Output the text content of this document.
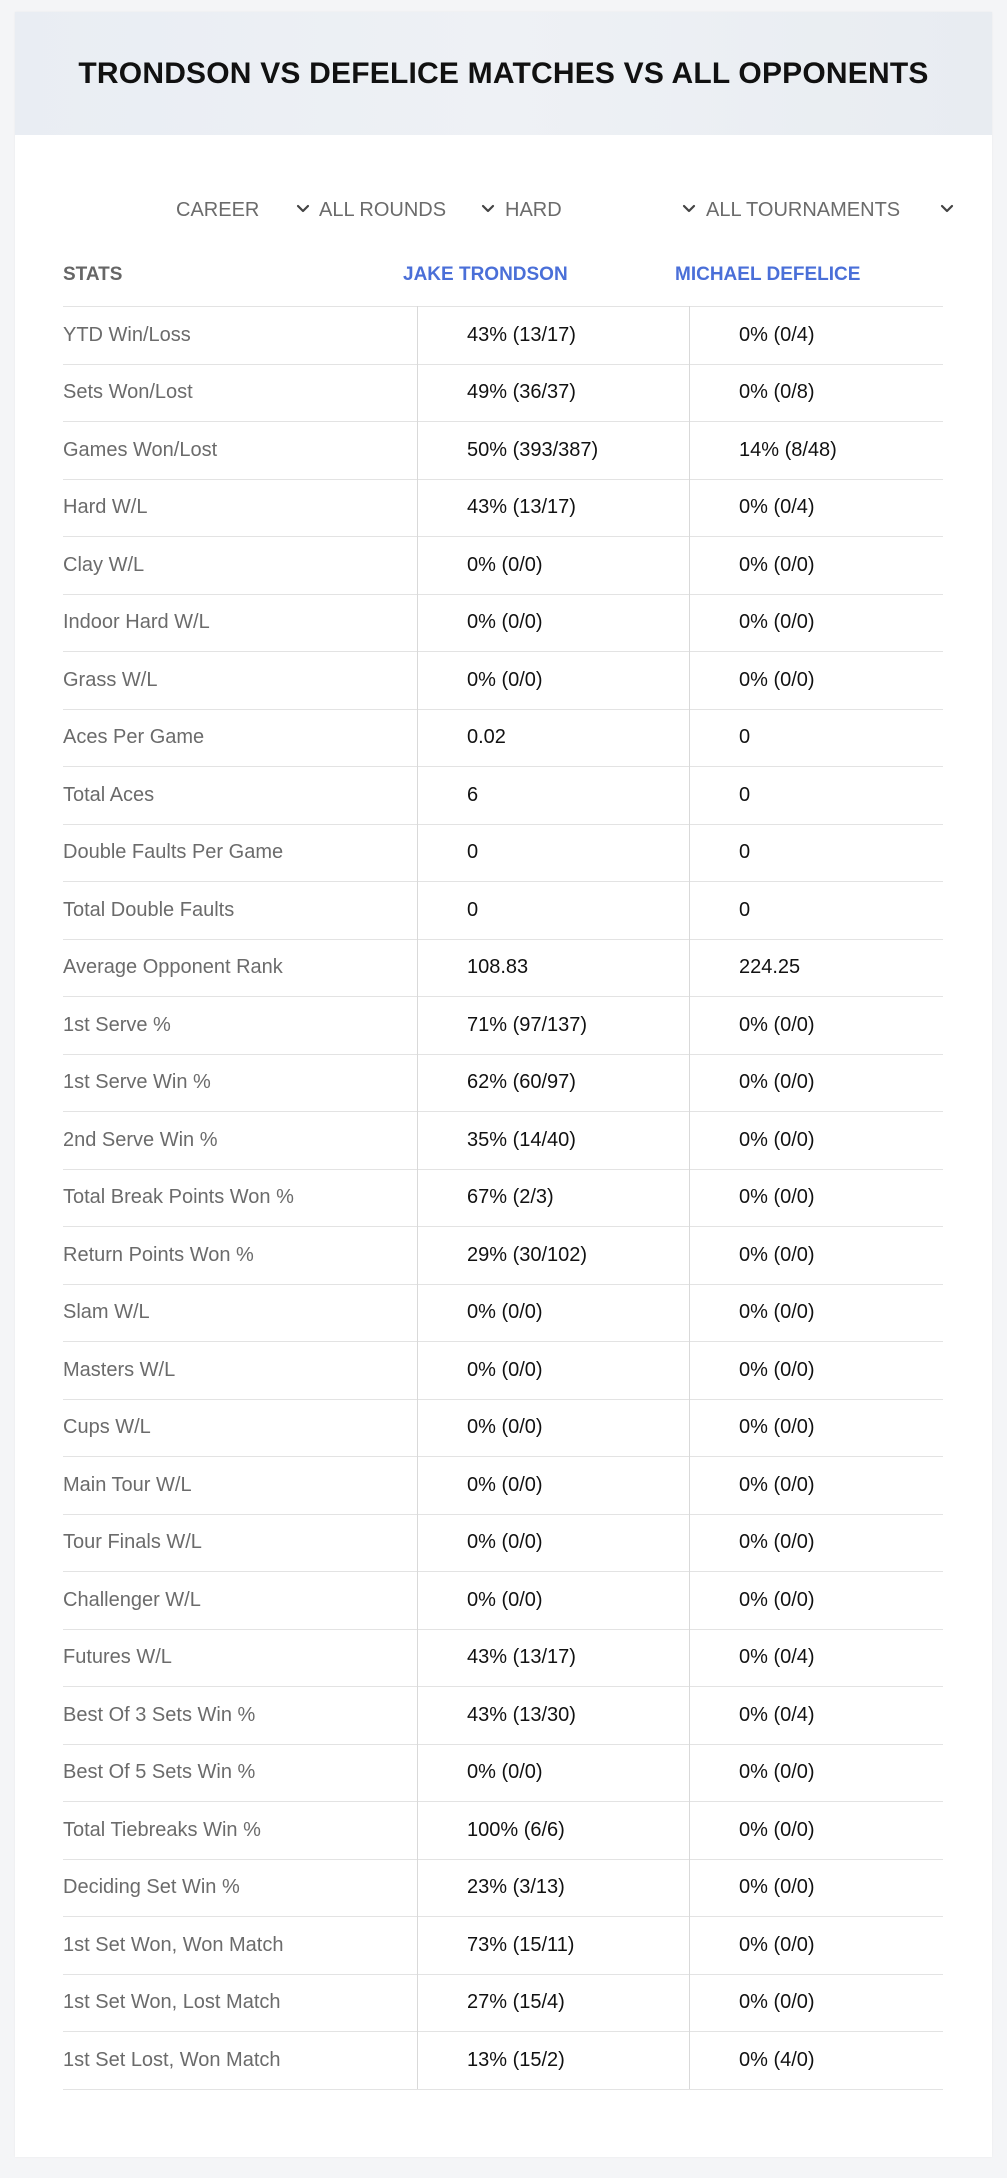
TRONDSON VS DEFELICE MATCHES VS ALL OPPONENTS
CAREER	ALL ROUNDS	HARD	ALL TOURNAMENTS
STATS	JAKE TRONDSON	MICHAEL DEFELICE
YTD Win/Loss	43% (13/17)	0% (0/4)
Sets Won/Lost	49% (36/37)	0% (0/8)
Games Won/Lost	50% (393/387)	14% (8/48)
Hard W/L	43% (13/17)	0% (0/4)
Clay W/L	0% (0/0)	0% (0/0)
Indoor Hard W/L	0% (0/0)	0% (0/0)
Grass W/L	0% (0/0)	0% (0/0)
Aces Per Game	0.02	0
Total Aces	6	0
Double Faults Per Game	0	0
Total Double Faults	0	0
Average Opponent Rank	108.83	224.25
1st Serve %	71% (97/137)	0% (0/0)
1st Serve Win %	62% (60/97)	0% (0/0)
2nd Serve Win %	35% (14/40)	0% (0/0)
Total Break Points Won %	67% (2/3)	0% (0/0)
Return Points Won %	29% (30/102)	0% (0/0)
Slam W/L	0% (0/0)	0% (0/0)
Masters W/L	0% (0/0)	0% (0/0)
Cups W/L	0% (0/0)	0% (0/0)
Main Tour W/L	0% (0/0)	0% (0/0)
Tour Finals W/L	0% (0/0)	0% (0/0)
Challenger W/L	0% (0/0)	0% (0/0)
Futures W/L	43% (13/17)	0% (0/4)
Best Of 3 Sets Win %	43% (13/30)	0% (0/4)
Best Of 5 Sets Win %	0% (0/0)	0% (0/0)
Total Tiebreaks Win %	100% (6/6)	0% (0/0)
Deciding Set Win %	23% (3/13)	0% (0/0)
1st Set Won, Won Match	73% (15/11)	0% (0/0)
1st Set Won, Lost Match	27% (15/4)	0% (0/0)
1st Set Lost, Won Match	13% (15/2)	0% (4/0)
